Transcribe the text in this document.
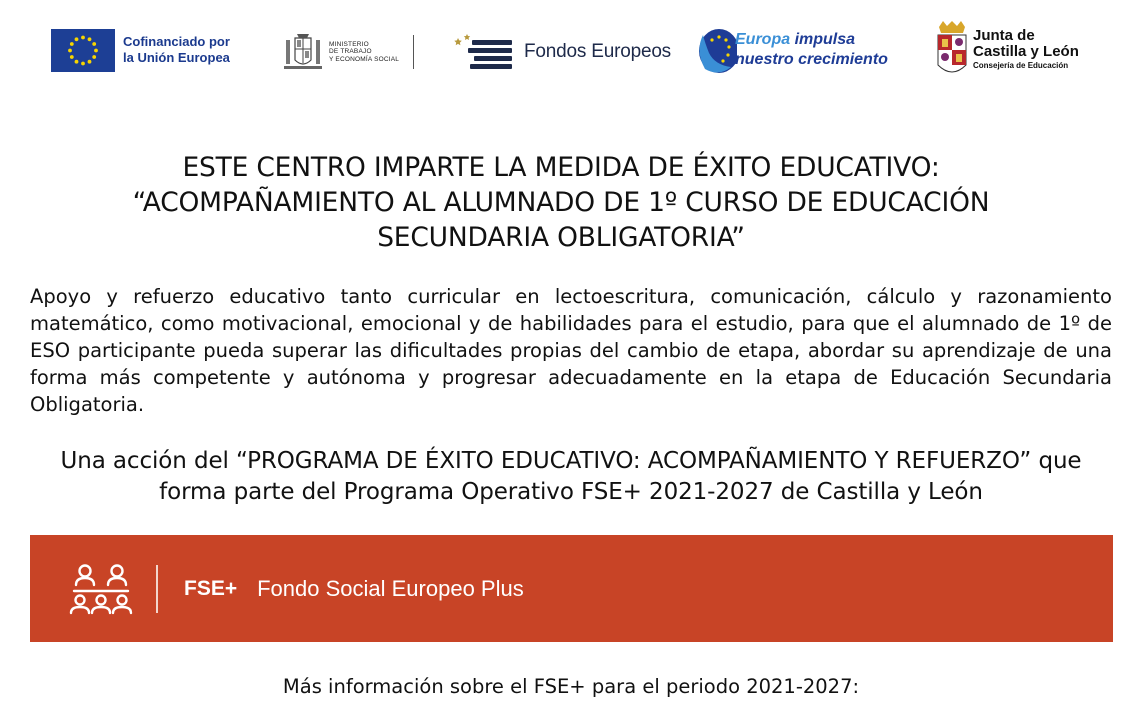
Cofinanciado por
la Unión Europea
MINISTERIO
DE TRABAJO
Y ECONOMÍA SOCIAL	Fondos Europeos
Europa impulsa
nuestro crecimiento
Junta de
Castilla y León
Consejería de Educación
ESTE CENTRO IMPARTE LA MEDIDA DE ÉXITO EDUCATIVO:
“ACOMPAÑAMIENTO AL ALUMNADO DE 1º CURSO DE EDUCACIÓN
SECUNDARIA OBLIGATORIA”
Apoyo y refuerzo educativo tanto curricular en lectoescritura, comunicación, cálculo y razonamiento matemático, como motivacional, emocional y de habilidades para el estudio, para que el alumnado de 1º de ESO participante pueda superar las dificultades propias del cambio de etapa, abordar su aprendizaje de una forma más competente y autónoma y progresar adecuadamente en la etapa de Educación Secundaria Obligatoria.
Una acción del “PROGRAMA DE ÉXITO EDUCATIVO: ACOMPAÑAMIENTO Y REFUERZO” que forma parte del Programa Operativo FSE+ 2021-2027 de Castilla y León
FSE+ Fondo Social Europeo Plus
Más información sobre el FSE+ para el periodo 2021-2027:
